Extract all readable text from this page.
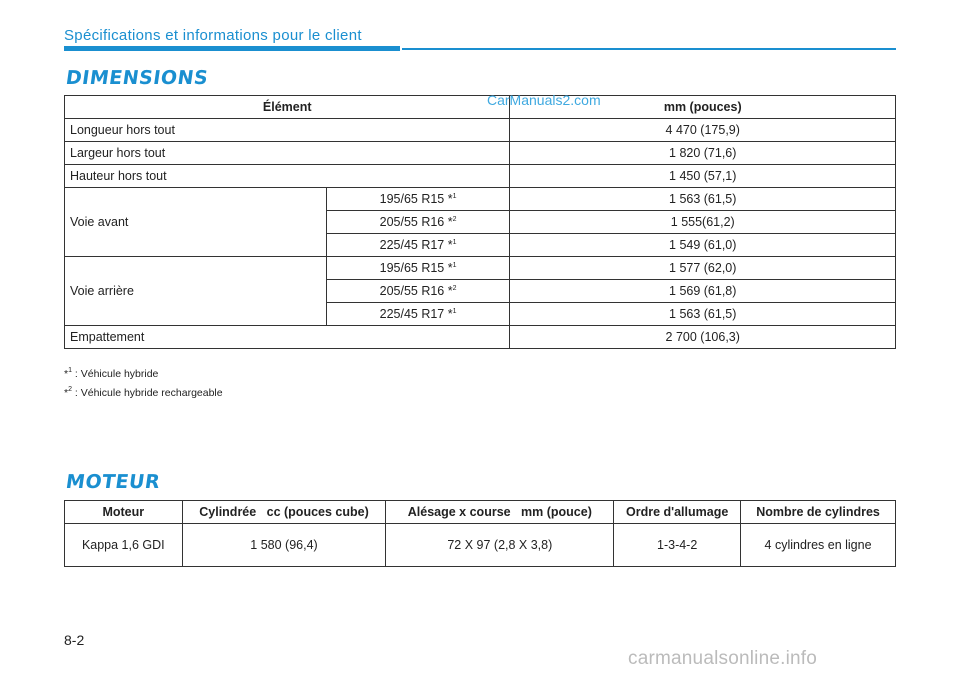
Spécifications et informations pour le client
DIMENSIONS
Élément		mm (pouces)
Longueur hors tout		4 470 (175,9)
Largeur hors tout		1 820 (71,6)
Hauteur hors tout		1 450 (57,1)
Voie avant	195/65 R15 *$^1$	1 563 (61,5)
	205/55 R16 *$^2$	1 555(61,2)
	225/45 R17 *$^1$	1 549 (61,0)
Voie arrière	195/65 R15 *$^1$	1 577 (62,0)
	205/55 R16 *$^2$	1 569 (61,8)
	225/45 R17 *$^1$	1 563 (61,5)
Empattement		2 700 (106,3)
CarManuals2.com
*$^1$ : Véhicule hybride
*$^2$ : Véhicule hybride rechargeable
MOTEUR
Moteur	Cylindrée   cc (pouces cube)	Alésage x course   mm (pouce)	Ordre d'allumage	Nombre de cylindres
Kappa 1,6 GDI	1 580 (96,4)	72 X 97 (2,8 X 3,8)	1-3-4-2	4 cylindres en ligne
8-2
carmanualsonline.info
